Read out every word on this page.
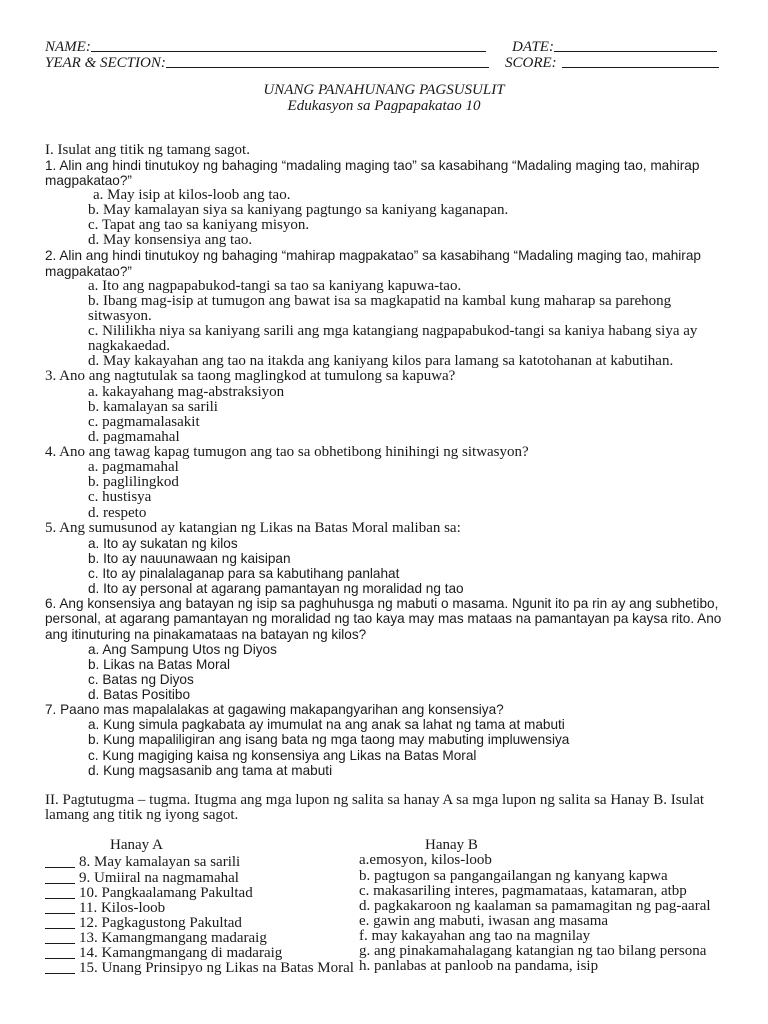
NAME:	DATE:
YEAR & SECTION:	SCORE:
UNANG PANAHUNANG PAGSUSULIT
Edukasyon sa Pagpapakatao 10
I. Isulat ang titik ng tamang sagot.
1. Alin ang hindi tinutukoy ng bahaging “madaling maging tao” sa kasabihang “Madaling maging tao, mahirap
magpakatao?”
a. May isip at kilos-loob ang tao.
b. May kamalayan siya sa kaniyang pagtungo sa kaniyang kaganapan.
c. Tapat ang tao sa kaniyang misyon.
d. May konsensiya ang tao.
2. Alin ang hindi tinutukoy ng bahaging “mahirap magpakatao” sa kasabihang “Madaling maging tao, mahirap
magpakatao?”
a. Ito ang nagpapabukod-tangi sa tao sa kaniyang kapuwa-tao.
b. Ibang mag-isip at tumugon ang bawat isa sa magkapatid na kambal kung maharap sa parehong
sitwasyon.
c. Nililikha niya sa kaniyang sarili ang mga katangiang nagpapabukod-tangi sa kaniya habang siya ay
nagkakaedad.
d. May kakayahan ang tao na itakda ang kaniyang kilos para lamang sa katotohanan at kabutihan.
3. Ano ang nagtutulak sa taong maglingkod at tumulong sa kapuwa?
a. kakayahang mag-abstraksiyon
b. kamalayan sa sarili
c. pagmamalasakit
d. pagmamahal
4. Ano ang tawag kapag tumugon ang tao sa obhetibong hinihingi ng sitwasyon?
a. pagmamahal
b. paglilingkod
c. hustisya
d. respeto
5. Ang sumusunod ay katangian ng Likas na Batas Moral maliban sa:
a. Ito ay sukatan ng kilos
b. Ito ay nauunawaan ng kaisipan
c. Ito ay pinalalaganap para sa kabutihang panlahat
d. Ito ay personal at agarang pamantayan ng moralidad ng tao
6. Ang konsensiya ang batayan ng isip sa paghuhusga ng mabuti o masama. Ngunit ito pa rin ay ang subhetibo,
personal, at agarang pamantayan ng moralidad ng tao kaya may mas mataas na pamantayan pa kaysa rito. Ano
ang itinuturing na pinakamataas na batayan ng kilos?
a. Ang Sampung Utos ng Diyos
b. Likas na Batas Moral
c. Batas ng Diyos
d. Batas Positibo
7. Paano mas mapalalakas at gagawing makapangyarihan ang konsensiya?
a. Kung simula pagkabata ay imumulat na ang anak sa lahat ng tama at mabuti
b. Kung mapaliligiran ang isang bata ng mga taong may mabuting impluwensiya
c. Kung magiging kaisa ng konsensiya ang Likas na Batas Moral
d. Kung magsasanib ang tama at mabuti
II. Pagtutugma – tugma. Itugma ang mga lupon ng salita sa hanay A sa mga lupon ng salita sa Hanay B. Isulat
lamang ang titik ng iyong sagot.
Hanay A	Hanay B
8. May kamalayan sa sarili	a.emosyon, kilos-loob
9. Umiiral na nagmamahal	b. pagtugon sa pangangailangan ng kanyang kapwa
10. Pangkaalamang Pakultad	c. makasariling interes, pagmamataas, katamaran, atbp
11. Kilos-loob	d. pagkakaroon ng kaalaman sa pamamagitan ng pag-aaral
12. Pagkagustong Pakultad	e. gawin ang mabuti, iwasan ang masama
13. Kamangmangang madaraig	f. may kakayahan ang tao na magnilay
14. Kamangmangang di madaraig	g. ang pinakamahalagang katangian ng tao bilang persona
15. Unang Prinsipyo ng Likas na Batas Moral h. panlabas at panloob na pandama, isip
